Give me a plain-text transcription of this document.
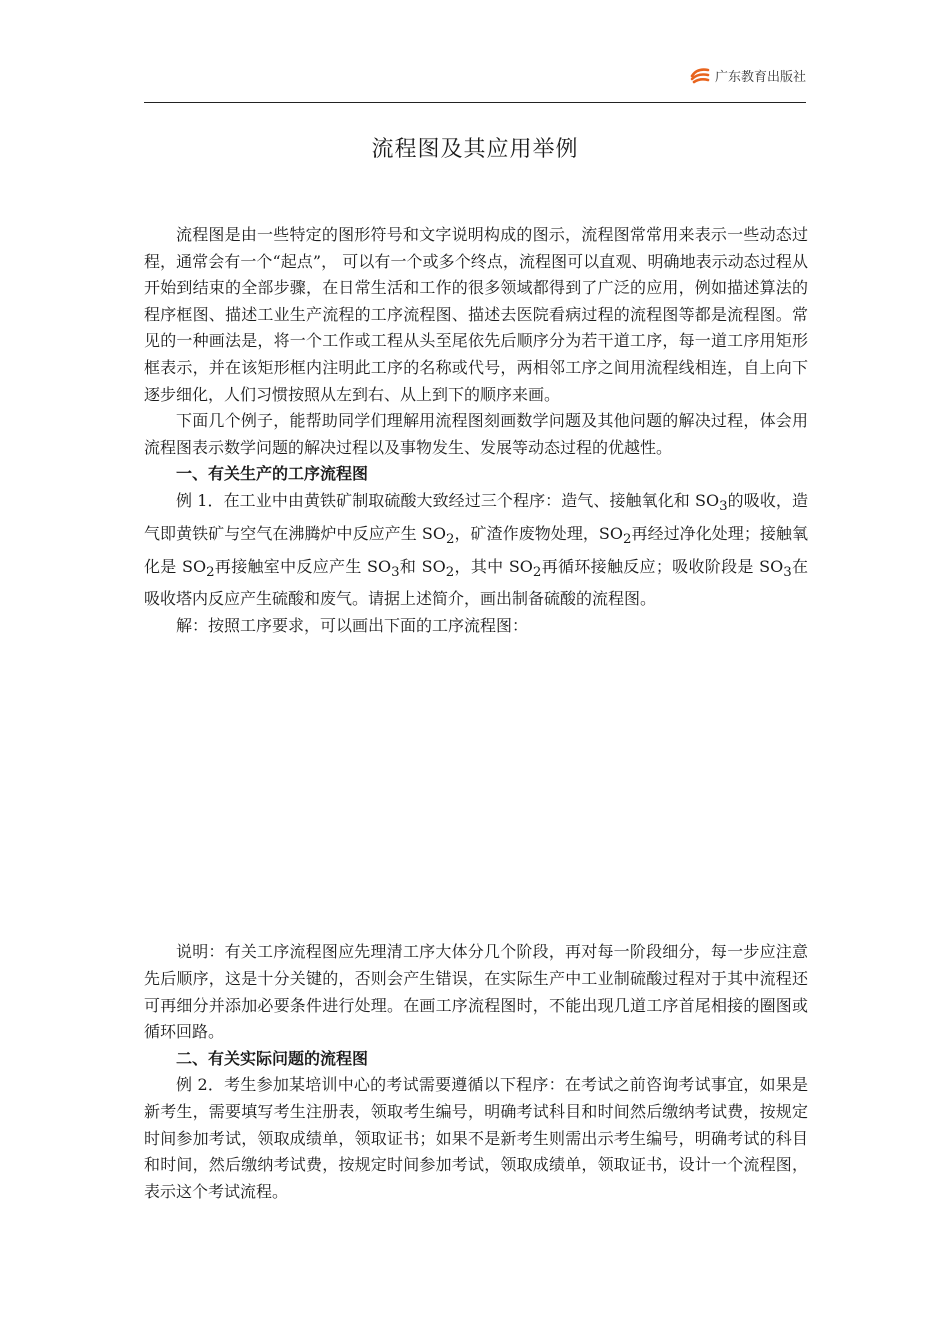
广东教育出版社
流程图及其应用举例

流程图是由一些特定的图形符号和文字说明构成的图示，流程图常常用来表示一些动态过程，通常会有一个“起点”， 可以有一个或多个终点，流程图可以直观、明确地表示动态过程从开始到结束的全部步骤，在日常生活和工作的很多领域都得到了广泛的应用，例如描述算法的程序框图、描述工业生产流程的工序流程图、描述去医院看病过程的流程图等都是流程图。常见的一种画法是，将一个工作或工程从头至尾依先后顺序分为若干道工序，每一道工序用矩形框表示，并在该矩形框内注明此工序的名称或代号，两相邻工序之间用流程线相连，自上向下逐步细化，人们习惯按照从左到右、从上到下的顺序来画。

下面几个例子，能帮助同学们理解用流程图刻画数学问题及其他问题的解决过程，体会用流程图表示数学问题的解决过程以及事物发生、发展等动态过程的优越性。

一、有关生产的工序流程图

例 1．在工业中由黄铁矿制取硫酸大致经过三个程序：造气、接触氧化和 $SO_3$的吸收，造气即黄铁矿与空气在沸腾炉中反应产生 $SO_2$，矿渣作废物处理，$SO_2$再经过净化处理；接触氧化是 $SO_2$再接触室中反应产生 $SO_3$和 $SO_2$，其中 $SO_2$再循环接触反应；吸收阶段是 $SO_3$在吸收塔内反应产生硫酸和废气。请据上述简介，画出制备硫酸的流程图。

解：按照工序要求，可以画出下面的工序流程图：

说明：有关工序流程图应先理清工序大体分几个阶段，再对每一阶段细分，每一步应注意先后顺序，这是十分关键的，否则会产生错误，在实际生产中工业制硫酸过程对于其中流程还可再细分并添加必要条件进行处理。在画工序流程图时，不能出现几道工序首尾相接的圈图或循环回路。

二、有关实际问题的流程图

例 2．考生参加某培训中心的考试需要遵循以下程序：在考试之前咨询考试事宜，如果是新考生，需要填写考生注册表，领取考生编号，明确考试科目和时间然后缴纳考试费，按规定时间参加考试，领取成绩单，领取证书；如果不是新考生则需出示考生编号，明确考试的科目和时间，然后缴纳考试费，按规定时间参加考试，领取成绩单，领取证书，设计一个流程图，表示这个考试流程。
